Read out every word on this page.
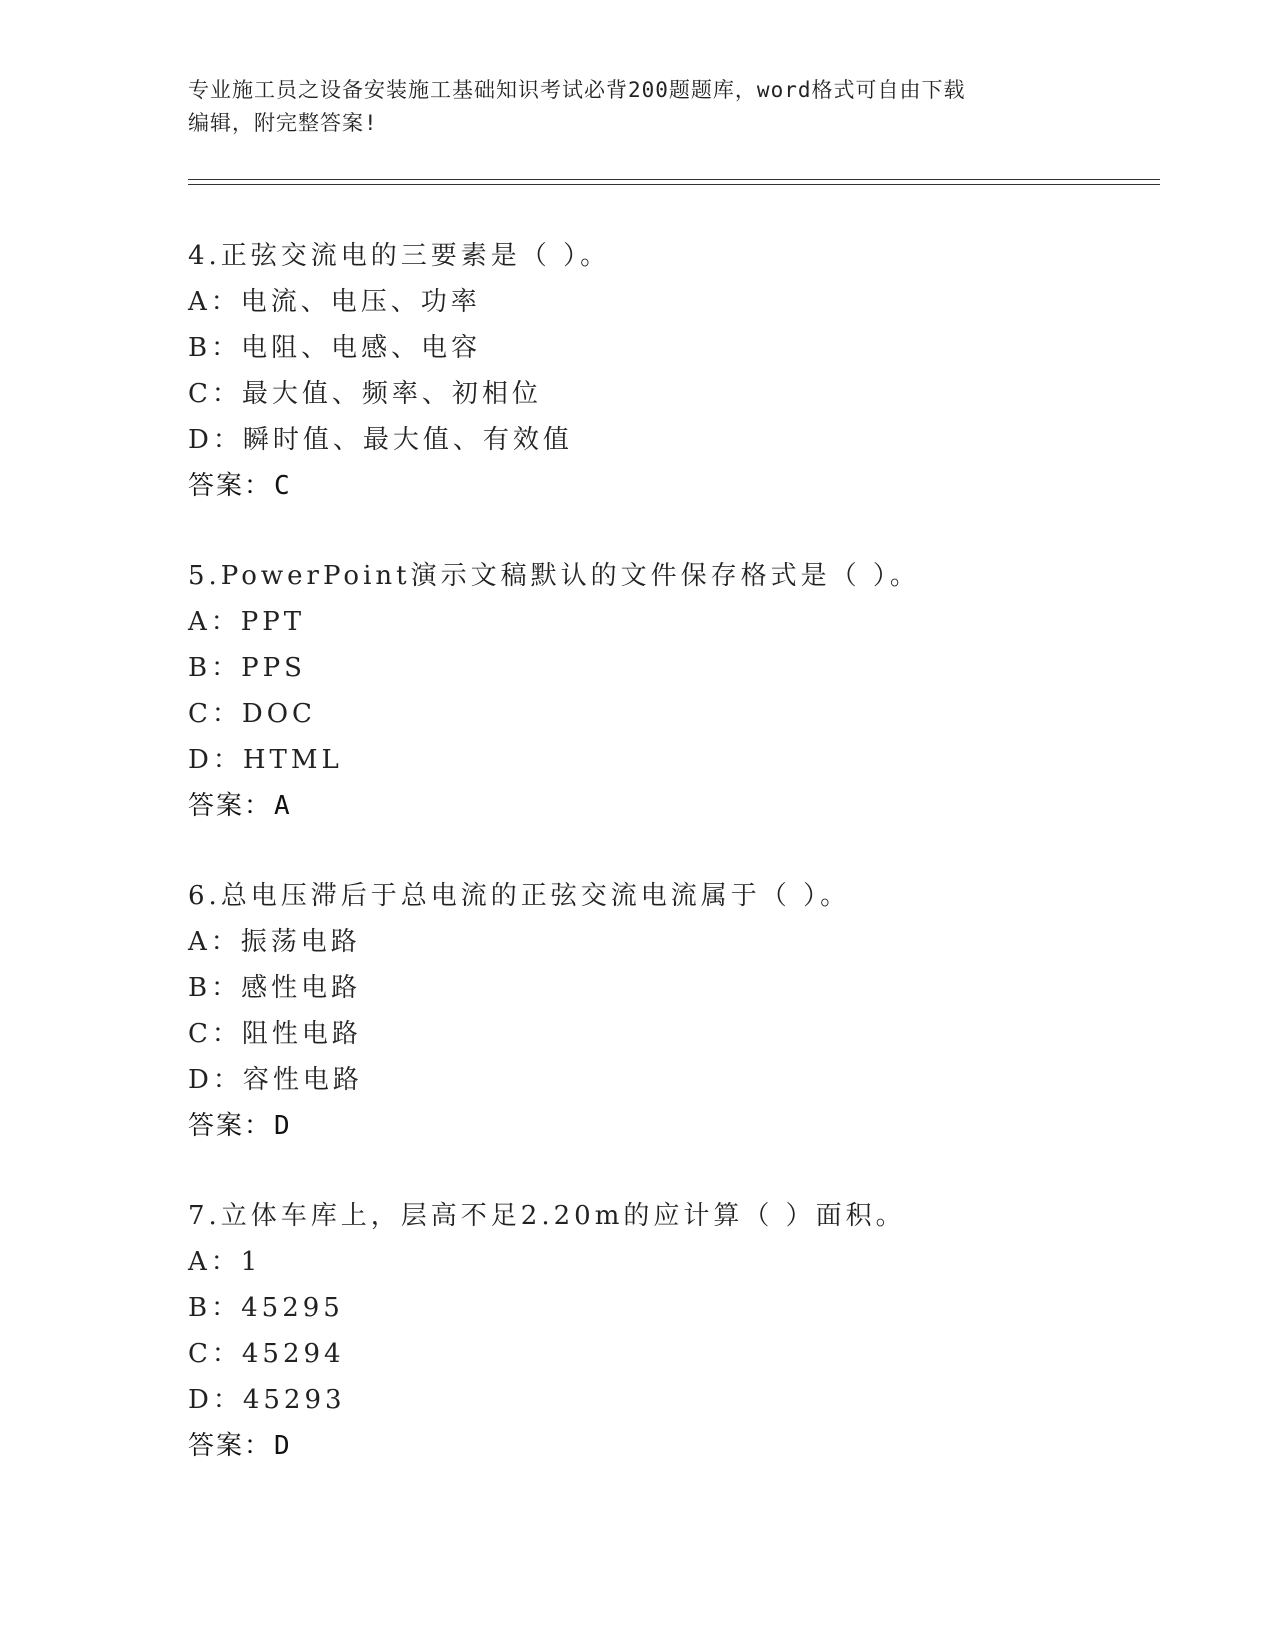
专业施工员之设备安装施工基础知识考试必背200题题库，word格式可自由下载
编辑，附完整答案!
4.正弦交流电的三要素是（ ）。
A：电流、电压、功率
B：电阻、电感、电容
C：最大值、频率、初相位
D：瞬时值、最大值、有效值
答案：C
5.PowerPoint演示文稿默认的文件保存格式是（ ）。
A：PPT
B：PPS
C：DOC
D：HTML
答案：A
6.总电压滞后于总电流的正弦交流电流属于（ ）。
A：振荡电路
B：感性电路
C：阻性电路
D：容性电路
答案：D
7.立体车库上，层高不足2.20m的应计算（ ）面积。
A：1
B：45295
C：45294
D：45293
答案：D
